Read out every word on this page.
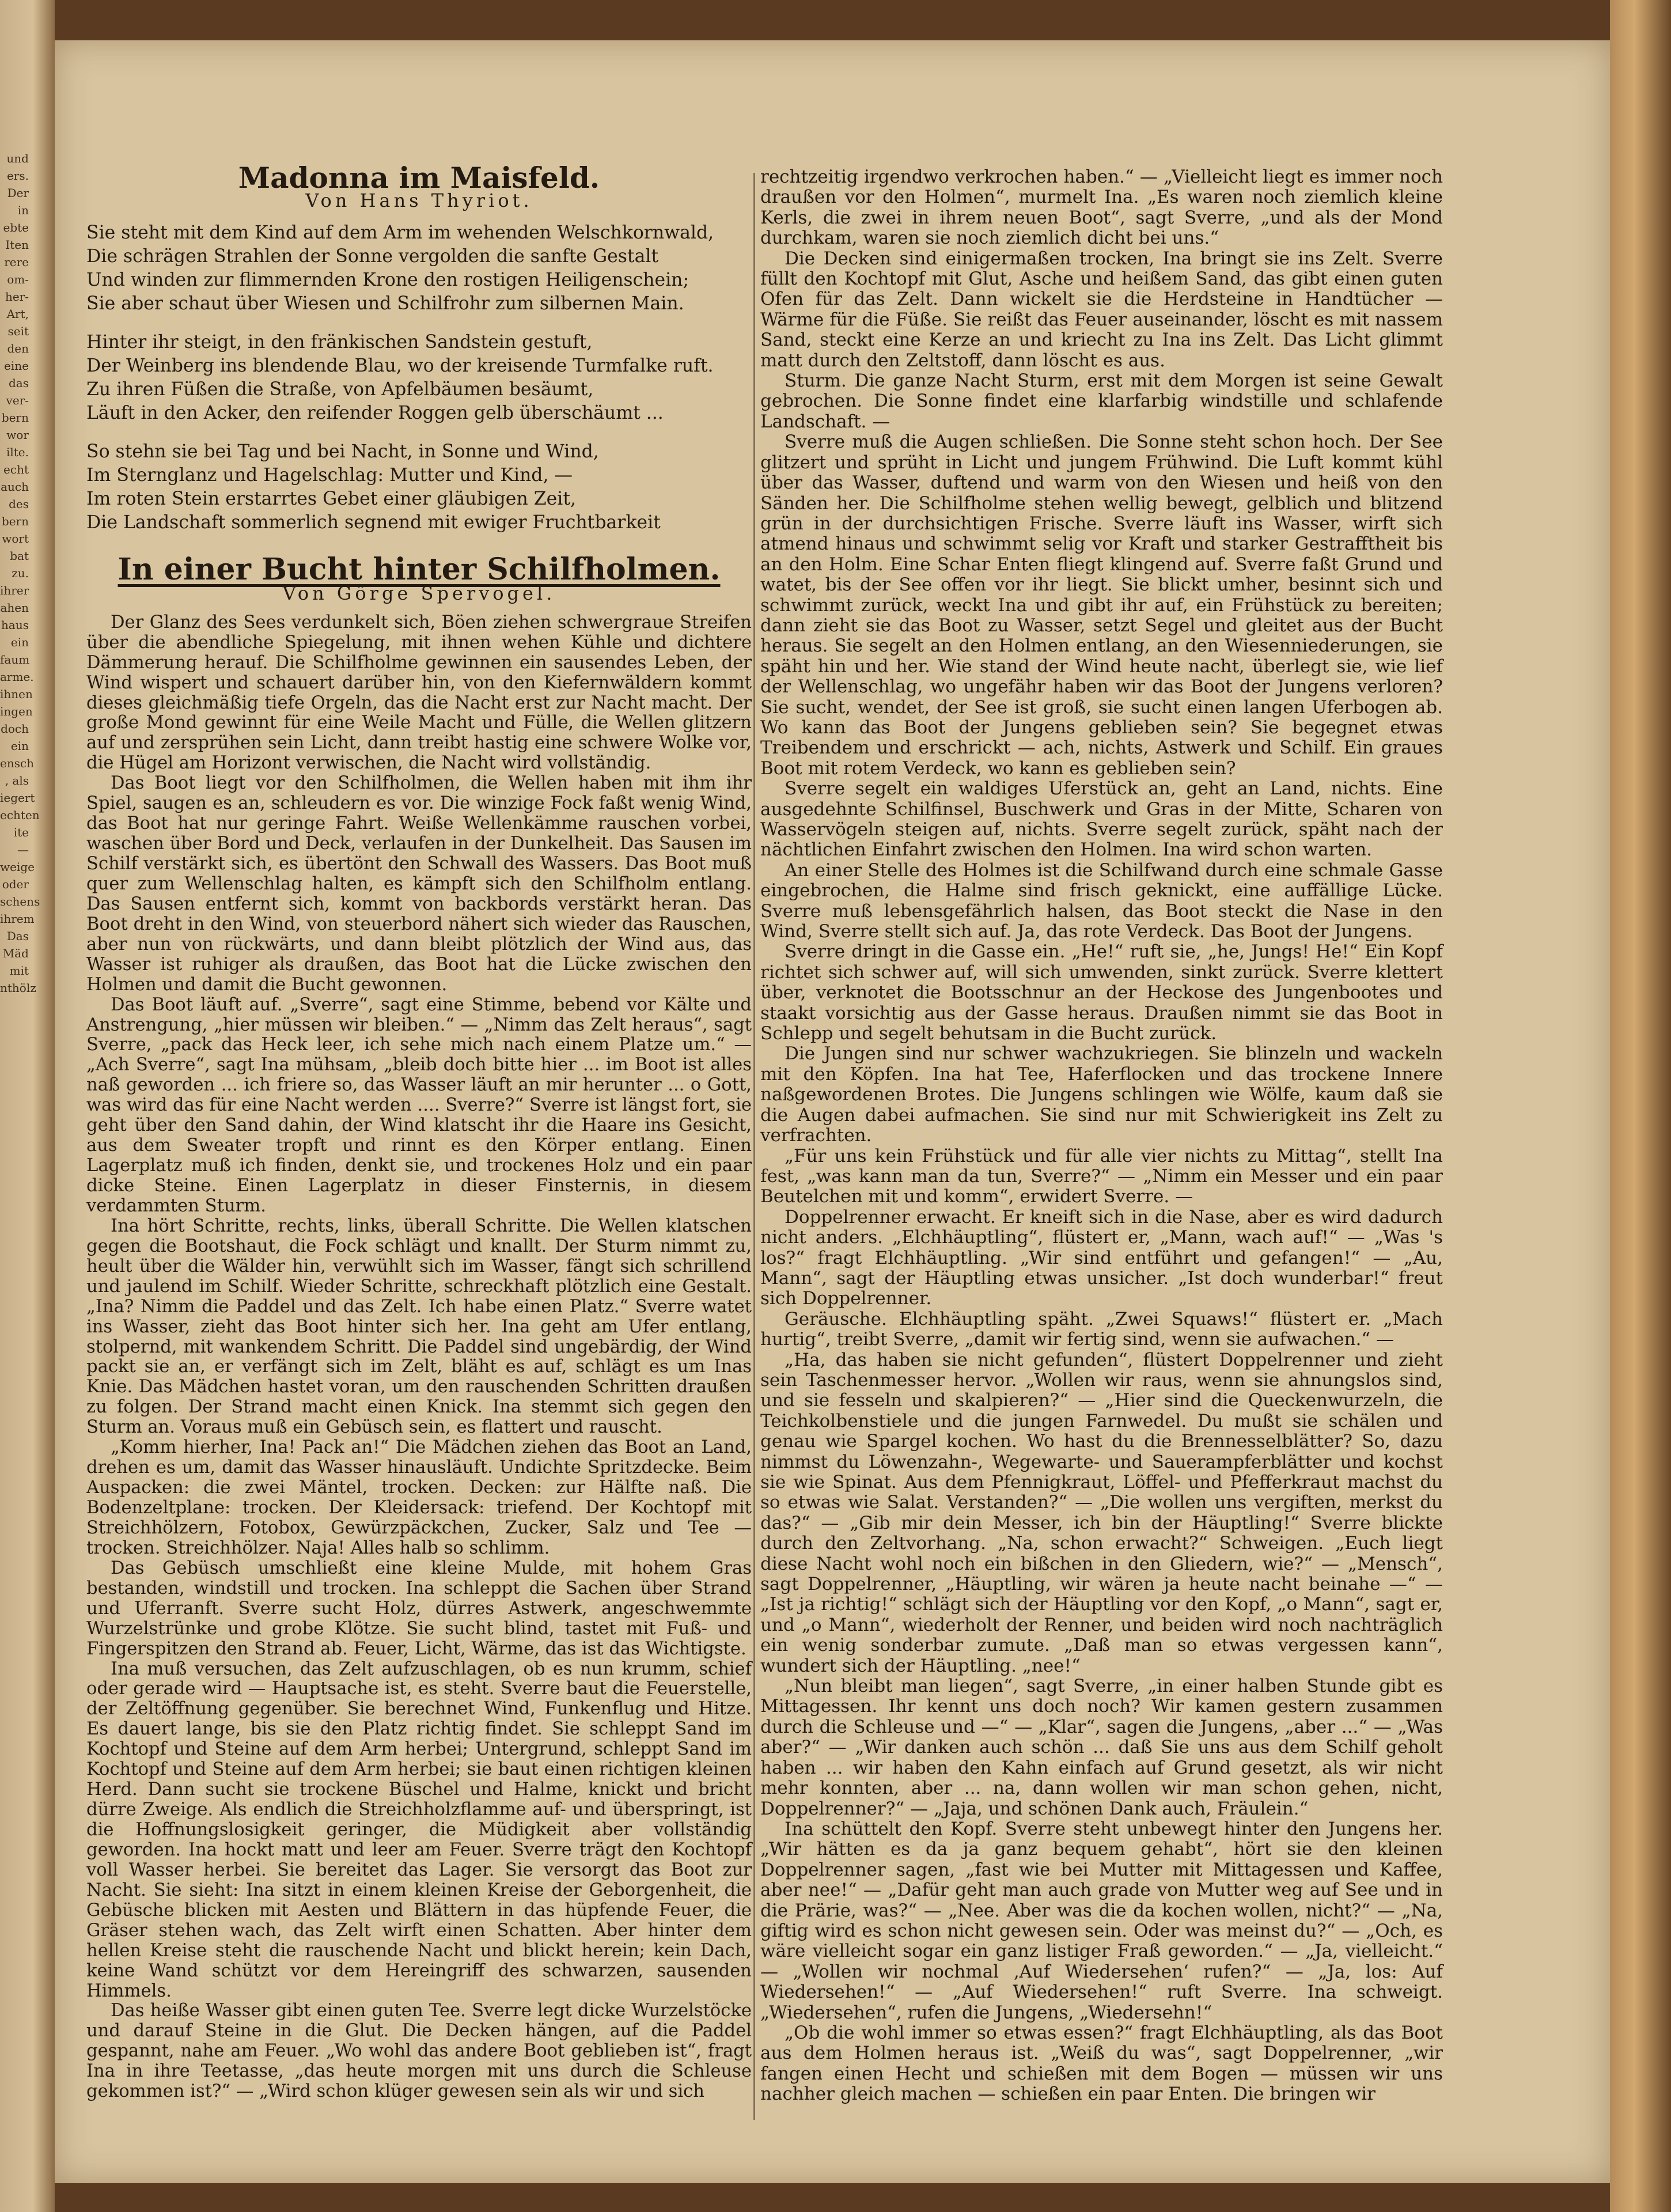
und
ers.
Der
in
ebte
Iten
rere
om-
her-
Art,
seit
den
eine
das
ver-
bern
wor
ilte.
echt
auch
des
bern
wort
bat
zu.
ihrer
ahen
haus
ein
faum
arme.
ihnen
ingen
doch
ein
ensch
, als
iegert
echten
ite —
weige
oder
schens
ihrem
Das
Mäd
mit
nthölz
Madonna im Maisfeld.
Von Hans Thyriot.
Sie steht mit dem Kind auf dem Arm im wehenden Welschkornwald,
Die schrägen Strahlen der Sonne vergolden die sanfte Gestalt
Und winden zur flimmernden Krone den rostigen Heiligenschein;
Sie aber schaut über Wiesen und Schilfrohr zum silbernen Main.
Hinter ihr steigt, in den fränkischen Sandstein gestuft,
Der Weinberg ins blendende Blau, wo der kreisende Turmfalke ruft.
Zu ihren Füßen die Straße, von Apfelbäumen besäumt,
Läuft in den Acker, den reifender Roggen gelb überschäumt ...
So stehn sie bei Tag und bei Nacht, in Sonne und Wind,
Im Sternglanz und Hagelschlag: Mutter und Kind, —
Im roten Stein erstarrtes Gebet einer gläubigen Zeit,
Die Landschaft sommerlich segnend mit ewiger Fruchtbarkeit
In einer Bucht hinter Schilfholmen.
Von Görge Spervogel.

Der Glanz des Sees verdunkelt sich, Böen ziehen schwergraue Streifen über die abendliche Spiegelung, mit ihnen wehen Kühle und dichtere Dämmerung herauf. Die Schilfholme gewinnen ein sausendes Leben, der Wind wispert und schauert darüber hin, von den Kiefernwäldern kommt dieses gleichmäßig tiefe Orgeln, das die Nacht erst zur Nacht macht. Der große Mond gewinnt für eine Weile Macht und Fülle, die Wellen glitzern auf und zersprühen sein Licht, dann treibt hastig eine schwere Wolke vor, die Hügel am Horizont verwischen, die Nacht wird vollständig.

Das Boot liegt vor den Schilfholmen, die Wellen haben mit ihm ihr Spiel, saugen es an, schleudern es vor. Die winzige Fock faßt wenig Wind, das Boot hat nur geringe Fahrt. Weiße Wellenkämme rauschen vorbei, waschen über Bord und Deck, verlaufen in der Dunkelheit. Das Sausen im Schilf verstärkt sich, es übertönt den Schwall des Wassers. Das Boot muß quer zum Wellenschlag halten, es kämpft sich den Schilfholm entlang. Das Sausen entfernt sich, kommt von backbords verstärkt heran. Das Boot dreht in den Wind, von steuerbord nähert sich wieder das Rauschen, aber nun von rückwärts, und dann bleibt plötzlich der Wind aus, das Wasser ist ruhiger als draußen, das Boot hat die Lücke zwischen den Holmen und damit die Bucht gewonnen.

Das Boot läuft auf. „Sverre“, sagt eine Stimme, bebend vor Kälte und Anstrengung, „hier müssen wir bleiben.“ — „Nimm das Zelt heraus“, sagt Sverre, „pack das Heck leer, ich sehe mich nach einem Platze um.“ — „Ach Sverre“, sagt Ina mühsam, „bleib doch bitte hier ... im Boot ist alles naß geworden ... ich friere so, das Wasser läuft an mir herunter ... o Gott, was wird das für eine Nacht werden .... Sverre?“ Sverre ist längst fort, sie geht über den Sand dahin, der Wind klatscht ihr die Haare ins Gesicht, aus dem Sweater tropft und rinnt es den Körper entlang. Einen Lagerplatz muß ich finden, denkt sie, und trockenes Holz und ein paar dicke Steine. Einen Lagerplatz in dieser Finsternis, in diesem verdammten Sturm.

Ina hört Schritte, rechts, links, überall Schritte. Die Wellen klatschen gegen die Bootshaut, die Fock schlägt und knallt. Der Sturm nimmt zu, heult über die Wälder hin, verwühlt sich im Wasser, fängt sich schrillend und jaulend im Schilf. Wieder Schritte, schreckhaft plötzlich eine Gestalt. „Ina? Nimm die Paddel und das Zelt. Ich habe einen Platz.“ Sverre watet ins Wasser, zieht das Boot hinter sich her. Ina geht am Ufer entlang, stolpernd, mit wankendem Schritt. Die Paddel sind ungebärdig, der Wind packt sie an, er verfängt sich im Zelt, bläht es auf, schlägt es um Inas Knie. Das Mädchen hastet voran, um den rauschenden Schritten draußen zu folgen. Der Strand macht einen Knick. Ina stemmt sich gegen den Sturm an. Voraus muß ein Gebüsch sein, es flattert und rauscht.

„Komm hierher, Ina! Pack an!“ Die Mädchen ziehen das Boot an Land, drehen es um, damit das Wasser hinausläuft. Undichte Spritzdecke. Beim Auspacken: die zwei Mäntel, trocken. Decken: zur Hälfte naß. Die Bodenzeltplane: trocken. Der Kleidersack: triefend. Der Kochtopf mit Streichhölzern, Fotobox, Gewürzpäckchen, Zucker, Salz und Tee — trocken. Streichhölzer. Naja! Alles halb so schlimm.

Das Gebüsch umschließt eine kleine Mulde, mit hohem Gras bestanden, windstill und trocken. Ina schleppt die Sachen über Strand und Uferranft. Sverre sucht Holz, dürres Astwerk, angeschwemmte Wurzelstrünke und grobe Klötze. Sie sucht blind, tastet mit Fuß- und Fingerspitzen den Strand ab. Feuer, Licht, Wärme, das ist das Wichtigste.

Ina muß versuchen, das Zelt aufzuschlagen, ob es nun krumm, schief oder gerade wird — Hauptsache ist, es steht. Sverre baut die Feuerstelle, der Zeltöffnung gegenüber. Sie berechnet Wind, Funkenflug und Hitze. Es dauert lange, bis sie den Platz richtig findet. Sie schleppt Sand im Kochtopf und Steine auf dem Arm herbei; Untergrund, schleppt Sand im Kochtopf und Steine auf dem Arm herbei; sie baut einen richtigen kleinen Herd. Dann sucht sie trockene Büschel und Halme, knickt und bricht dürre Zweige. Als endlich die Streichholzflamme auf- und überspringt, ist die Hoffnungslosigkeit geringer, die Müdigkeit aber vollständig geworden. Ina hockt matt und leer am Feuer. Sverre trägt den Kochtopf voll Wasser herbei. Sie bereitet das Lager. Sie versorgt das Boot zur Nacht. Sie sieht: Ina sitzt in einem kleinen Kreise der Geborgenheit, die Gebüsche blicken mit Aesten und Blättern in das hüpfende Feuer, die Gräser stehen wach, das Zelt wirft einen Schatten. Aber hinter dem hellen Kreise steht die rauschende Nacht und blickt herein; kein Dach, keine Wand schützt vor dem Hereingriff des schwarzen, sausenden Himmels.

Das heiße Wasser gibt einen guten Tee. Sverre legt dicke Wurzelstöcke und darauf Steine in die Glut. Die Decken hängen, auf die Paddel gespannt, nahe am Feuer. „Wo wohl das andere Boot geblieben ist“, fragt Ina in ihre Teetasse, „das heute morgen mit uns durch die Schleuse gekommen ist?“ — „Wird schon klüger gewesen sein als wir und sich

rechtzeitig irgendwo verkrochen haben.“ — „Vielleicht liegt es immer noch draußen vor den Holmen“, murmelt Ina. „Es waren noch ziemlich kleine Kerls, die zwei in ihrem neuen Boot“, sagt Sverre, „und als der Mond durchkam, waren sie noch ziemlich dicht bei uns.“

Die Decken sind einigermaßen trocken, Ina bringt sie ins Zelt. Sverre füllt den Kochtopf mit Glut, Asche und heißem Sand, das gibt einen guten Ofen für das Zelt. Dann wickelt sie die Herdsteine in Handtücher — Wärme für die Füße. Sie reißt das Feuer auseinander, löscht es mit nassem Sand, steckt eine Kerze an und kriecht zu Ina ins Zelt. Das Licht glimmt matt durch den Zeltstoff, dann löscht es aus.

Sturm. Die ganze Nacht Sturm, erst mit dem Morgen ist seine Gewalt gebrochen. Die Sonne findet eine klarfarbig windstille und schlafende Landschaft. —

Sverre muß die Augen schließen. Die Sonne steht schon hoch. Der See glitzert und sprüht in Licht und jungem Frühwind. Die Luft kommt kühl über das Wasser, duftend und warm von den Wiesen und heiß von den Sänden her. Die Schilfholme stehen wellig bewegt, gelblich und blitzend grün in der durchsichtigen Frische. Sverre läuft ins Wasser, wirft sich atmend hinaus und schwimmt selig vor Kraft und starker Gestrafftheit bis an den Holm. Eine Schar Enten fliegt klingend auf. Sverre faßt Grund und watet, bis der See offen vor ihr liegt. Sie blickt umher, besinnt sich und schwimmt zurück, weckt Ina und gibt ihr auf, ein Frühstück zu bereiten; dann zieht sie das Boot zu Wasser, setzt Segel und gleitet aus der Bucht heraus. Sie segelt an den Holmen entlang, an den Wiesenniederungen, sie späht hin und her. Wie stand der Wind heute nacht, überlegt sie, wie lief der Wellenschlag, wo ungefähr haben wir das Boot der Jungens verloren? Sie sucht, wendet, der See ist groß, sie sucht einen langen Uferbogen ab. Wo kann das Boot der Jungens geblieben sein? Sie begegnet etwas Treibendem und erschrickt — ach, nichts, Astwerk und Schilf. Ein graues Boot mit rotem Verdeck, wo kann es geblieben sein?

Sverre segelt ein waldiges Uferstück an, geht an Land, nichts. Eine ausgedehnte Schilfinsel, Buschwerk und Gras in der Mitte, Scharen von Wasservögeln steigen auf, nichts. Sverre segelt zurück, späht nach der nächtlichen Einfahrt zwischen den Holmen. Ina wird schon warten.

An einer Stelle des Holmes ist die Schilfwand durch eine schmale Gasse eingebrochen, die Halme sind frisch geknickt, eine auffällige Lücke. Sverre muß lebensgefährlich halsen, das Boot steckt die Nase in den Wind, Sverre stellt sich auf. Ja, das rote Verdeck. Das Boot der Jungens.

Sverre dringt in die Gasse ein. „He!“ ruft sie, „he, Jungs! He!“ Ein Kopf richtet sich schwer auf, will sich umwenden, sinkt zurück. Sverre klettert über, verknotet die Bootsschnur an der Heckose des Jungenbootes und staakt vorsichtig aus der Gasse heraus. Draußen nimmt sie das Boot in Schlepp und segelt behutsam in die Bucht zurück.

Die Jungen sind nur schwer wachzukriegen. Sie blinzeln und wackeln mit den Köpfen. Ina hat Tee, Haferflocken und das trockene Innere naßgewordenen Brotes. Die Jungens schlingen wie Wölfe, kaum daß sie die Augen dabei aufmachen. Sie sind nur mit Schwierigkeit ins Zelt zu verfrachten.

„Für uns kein Frühstück und für alle vier nichts zu Mittag“, stellt Ina fest, „was kann man da tun, Sverre?“ — „Nimm ein Messer und ein paar Beutelchen mit und komm“, erwidert Sverre. —

Doppelrenner erwacht. Er kneift sich in die Nase, aber es wird dadurch nicht anders. „Elchhäuptling“, flüstert er, „Mann, wach auf!“ — „Was 's los?“ fragt Elchhäuptling. „Wir sind entführt und gefangen!“ — „Au, Mann“, sagt der Häuptling etwas unsicher. „Ist doch wunderbar!“ freut sich Doppelrenner.

Geräusche. Elchhäuptling späht. „Zwei Squaws!“ flüstert er. „Mach hurtig“, treibt Sverre, „damit wir fertig sind, wenn sie aufwachen.“ —

„Ha, das haben sie nicht gefunden“, flüstert Doppelrenner und zieht sein Taschenmesser hervor. „Wollen wir raus, wenn sie ahnungslos sind, und sie fesseln und skalpieren?“ — „Hier sind die Queckenwurzeln, die Teichkolbenstiele und die jungen Farnwedel. Du mußt sie schälen und genau wie Spargel kochen. Wo hast du die Brennesselblätter? So, dazu nimmst du Löwenzahn-, Wegewarte- und Sauerampferblätter und kochst sie wie Spinat. Aus dem Pfennigkraut, Löffel- und Pfefferkraut machst du so etwas wie Salat. Verstanden?“ — „Die wollen uns vergiften, merkst du das?“ — „Gib mir dein Messer, ich bin der Häuptling!“ Sverre blickte durch den Zeltvorhang. „Na, schon erwacht?“ Schweigen. „Euch liegt diese Nacht wohl noch ein bißchen in den Gliedern, wie?“ — „Mensch“, sagt Doppelrenner, „Häuptling, wir wären ja heute nacht beinahe —“ — „Ist ja richtig!“ schlägt sich der Häuptling vor den Kopf, „o Mann“, sagt er, und „o Mann“, wiederholt der Renner, und beiden wird noch nachträglich ein wenig sonderbar zumute. „Daß man so etwas vergessen kann“, wundert sich der Häuptling. „nee!“

„Nun bleibt man liegen“, sagt Sverre, „in einer halben Stunde gibt es Mittagessen. Ihr kennt uns doch noch? Wir kamen gestern zusammen durch die Schleuse und —“ — „Klar“, sagen die Jungens, „aber ...“ — „Was aber?“ — „Wir danken auch schön ... daß Sie uns aus dem Schilf geholt haben ... wir haben den Kahn einfach auf Grund gesetzt, als wir nicht mehr konnten, aber ... na, dann wollen wir man schon gehen, nicht, Doppelrenner?“ — „Jaja, und schönen Dank auch, Fräulein.“

Ina schüttelt den Kopf. Sverre steht unbewegt hinter den Jungens her. „Wir hätten es da ja ganz bequem gehabt“, hört sie den kleinen Doppelrenner sagen, „fast wie bei Mutter mit Mittagessen und Kaffee, aber nee!“ — „Dafür geht man auch grade von Mutter weg auf See und in die Prärie, was?“ — „Nee. Aber was die da kochen wollen, nicht?“ — „Na, giftig wird es schon nicht gewesen sein. Oder was meinst du?“ — „Och, es wäre vielleicht sogar ein ganz listiger Fraß geworden.“ — „Ja, vielleicht.“ — „Wollen wir nochmal ‚Auf Wiedersehen‘ rufen?“ — „Ja, los: Auf Wiedersehen!“ — „Auf Wiedersehen!“ ruft Sverre. Ina schweigt. „Wiedersehen“, rufen die Jungens, „Wiedersehn!“

„Ob die wohl immer so etwas essen?“ fragt Elchhäuptling, als das Boot aus dem Holmen heraus ist. „Weiß du was“, sagt Doppelrenner, „wir fangen einen Hecht und schießen mit dem Bogen — müssen wir uns nachher gleich machen — schießen ein paar Enten. Die bringen wir
